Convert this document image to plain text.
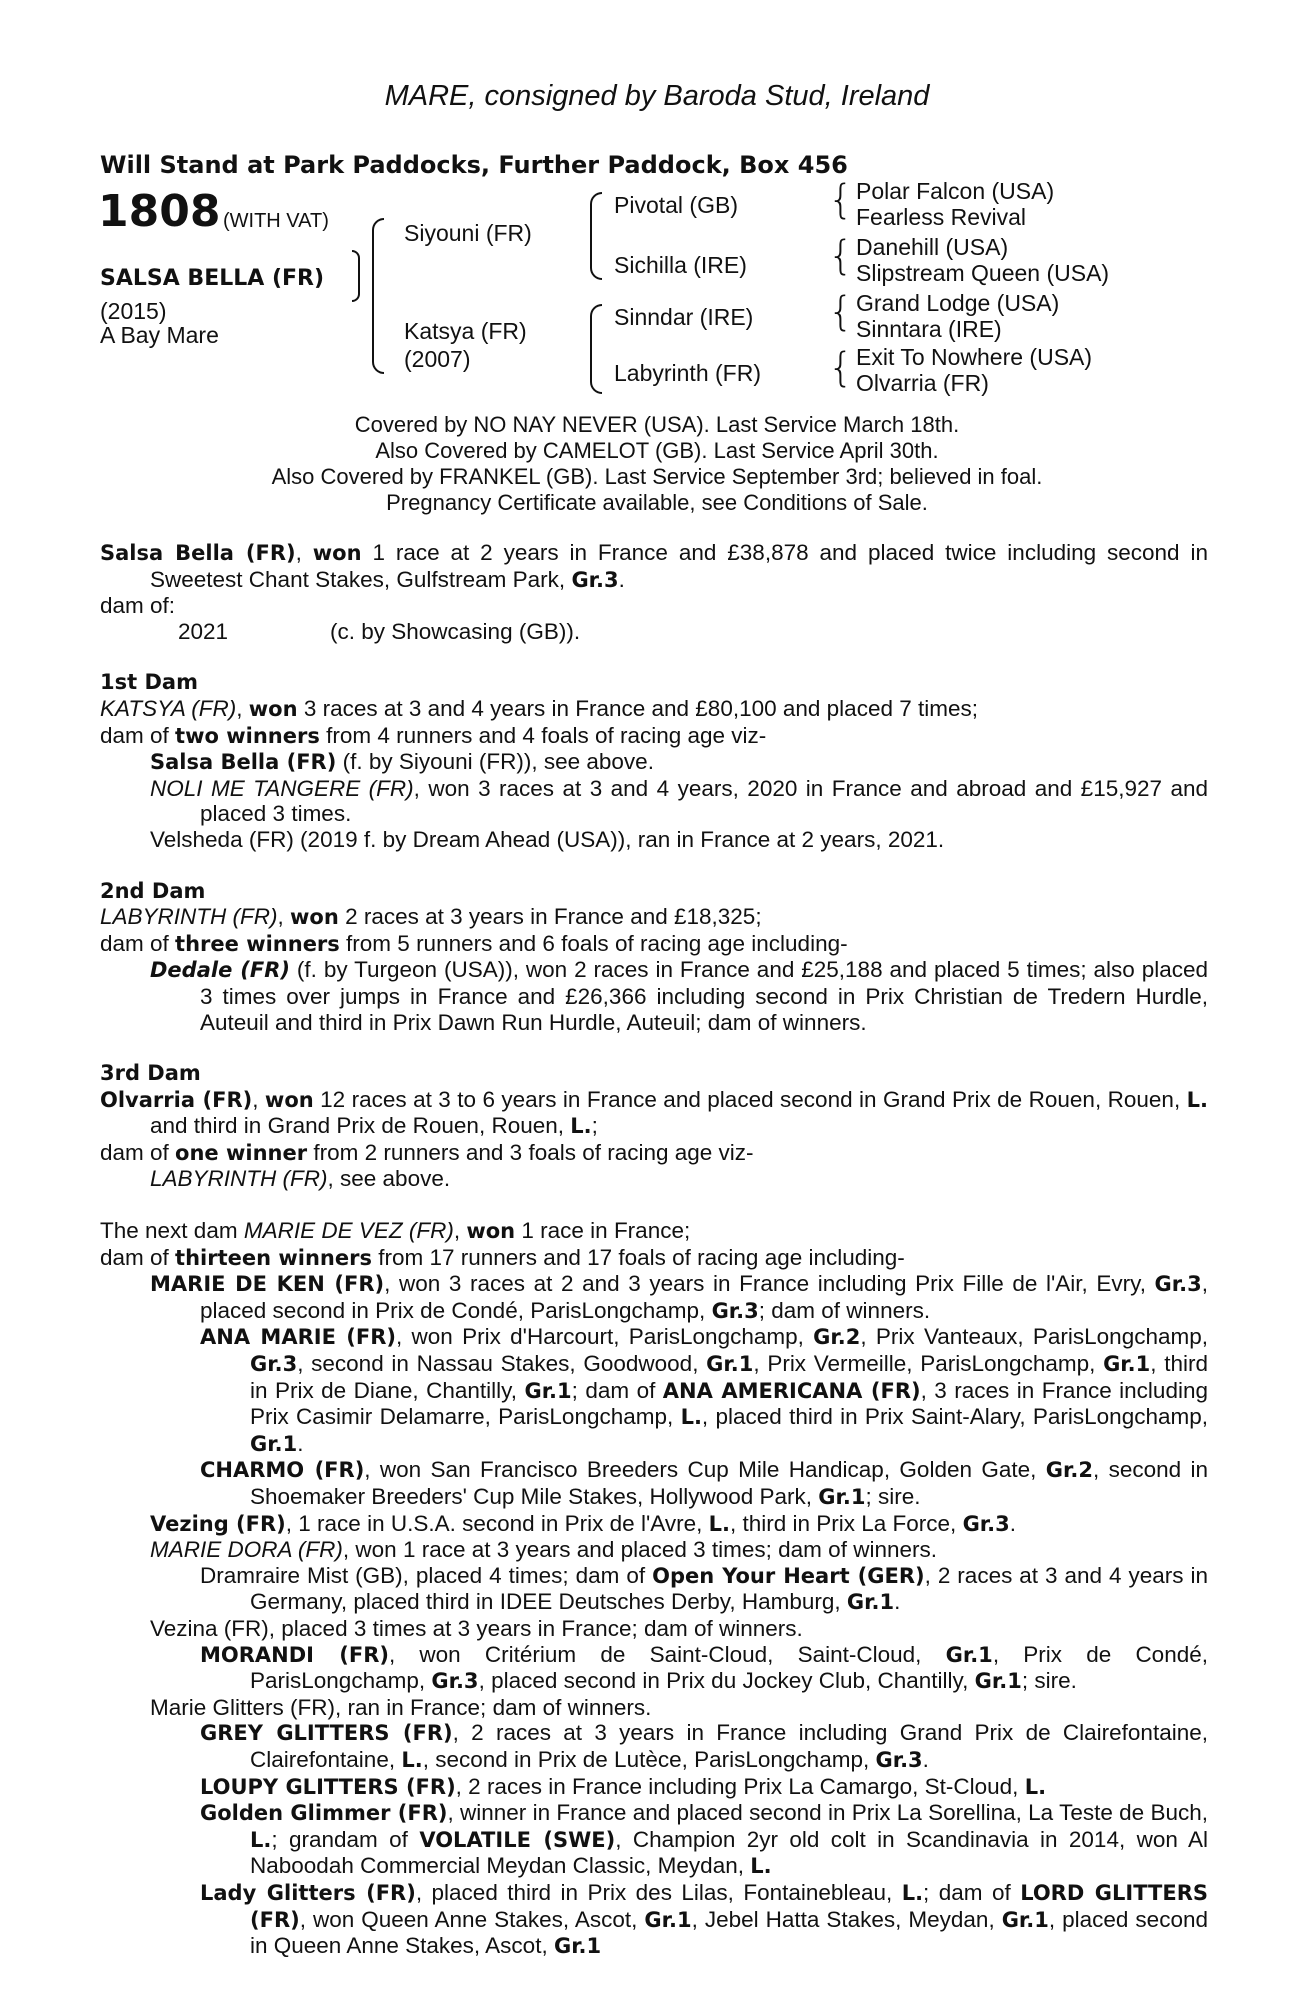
MARE, consigned by Baroda Stud, Ireland
Will Stand at Park Paddocks, Further Paddock, Box 456
1808 (WITH VAT)
SALSA BELLA (FR)
(2015)
A Bay Mare
Siyouni (FR)
Katsya (FR)
(2007)
Pivotal (GB)
Sichilla (IRE)
Sinndar (IRE)
Labyrinth (FR)
{
{
{
{
Polar Falcon (USA)
Fearless Revival
Danehill (USA)
Slipstream Queen (USA)
Grand Lodge (USA)
Sinntara (IRE)
Exit To Nowhere (USA)
Olvarria (FR)
Covered by NO NAY NEVER (USA). Last Service March 18th.
Also Covered by CAMELOT (GB). Last Service April 30th.
Also Covered by FRANKEL (GB). Last Service September 3rd; believed in foal.
Pregnancy Certificate available, see Conditions of Sale.

Salsa Bella (FR), won 1 race at 2 years in France and £38,878 and placed twice including second in Sweetest Chant Stakes, Gulfstream Park, Gr.3.

dam of:

2021	(c. by Showcasing (GB)).

1st Dam

KATSYA (FR), won 3 races at 3 and 4 years in France and £80,100 and placed 7 times;

dam of two winners from 4 runners and 4 foals of racing age viz-

Salsa Bella (FR) (f. by Siyouni (FR)), see above.

NOLI ME TANGERE (FR), won 3 races at 3 and 4 years, 2020 in France and abroad and £15,927 and placed 3 times.

Velsheda (FR) (2019 f. by Dream Ahead (USA)), ran in France at 2 years, 2021.

2nd Dam

LABYRINTH (FR), won 2 races at 3 years in France and £18,325;

dam of three winners from 5 runners and 6 foals of racing age including-

Dedale (FR) (f. by Turgeon (USA)), won 2 races in France and £25,188 and placed 5 times; also placed 3 times over jumps in France and £26,366 including second in Prix Christian de Tredern Hurdle, Auteuil and third in Prix Dawn Run Hurdle, Auteuil; dam of winners.

3rd Dam

Olvarria (FR), won 12 races at 3 to 6 years in France and placed second in Grand Prix de Rouen, Rouen, L. and third in Grand Prix de Rouen, Rouen, L.;

dam of one winner from 2 runners and 3 foals of racing age viz-

LABYRINTH (FR), see above.

The next dam MARIE DE VEZ (FR), won 1 race in France;

dam of thirteen winners from 17 runners and 17 foals of racing age including-

MARIE DE KEN (FR), won 3 races at 2 and 3 years in France including Prix Fille de l'Air, Evry, Gr.3, placed second in Prix de Condé, ParisLongchamp, Gr.3; dam of winners.

ANA MARIE (FR), won Prix d'Harcourt, ParisLongchamp, Gr.2, Prix Vanteaux, ParisLongchamp, Gr.3, second in Nassau Stakes, Goodwood, Gr.1, Prix Vermeille, ParisLongchamp, Gr.1, third in Prix de Diane, Chantilly, Gr.1; dam of ANA AMERICANA (FR), 3 races in France including Prix Casimir Delamarre, ParisLongchamp, L., placed third in Prix Saint-Alary, ParisLongchamp, Gr.1.

CHARMO (FR), won San Francisco Breeders Cup Mile Handicap, Golden Gate, Gr.2, second in Shoemaker Breeders' Cup Mile Stakes, Hollywood Park, Gr.1; sire.

Vezing (FR), 1 race in U.S.A. second in Prix de l'Avre, L., third in Prix La Force, Gr.3.

MARIE DORA (FR), won 1 race at 3 years and placed 3 times; dam of winners.

Dramraire Mist (GB), placed 4 times; dam of Open Your Heart (GER), 2 races at 3 and 4 years in Germany, placed third in IDEE Deutsches Derby, Hamburg, Gr.1.

Vezina (FR), placed 3 times at 3 years in France; dam of winners.

MORANDI (FR), won Critérium de Saint-Cloud, Saint-Cloud, Gr.1, Prix de Condé, ParisLongchamp, Gr.3, placed second in Prix du Jockey Club, Chantilly, Gr.1; sire.

Marie Glitters (FR), ran in France; dam of winners.

GREY GLITTERS (FR), 2 races at 3 years in France including Grand Prix de Clairefontaine, Clairefontaine, L., second in Prix de Lutèce, ParisLongchamp, Gr.3.

LOUPY GLITTERS (FR), 2 races in France including Prix La Camargo, St-Cloud, L.

Golden Glimmer (FR), winner in France and placed second in Prix La Sorellina, La Teste de Buch, L.; grandam of VOLATILE (SWE), Champion 2yr old colt in Scandinavia in 2014, won Al Naboodah Commercial Meydan Classic, Meydan, L.

Lady Glitters (FR), placed third in Prix des Lilas, Fontainebleau, L.; dam of LORD GLITTERS (FR), won Queen Anne Stakes, Ascot, Gr.1, Jebel Hatta Stakes, Meydan, Gr.1, placed second in Queen Anne Stakes, Ascot, Gr.1
